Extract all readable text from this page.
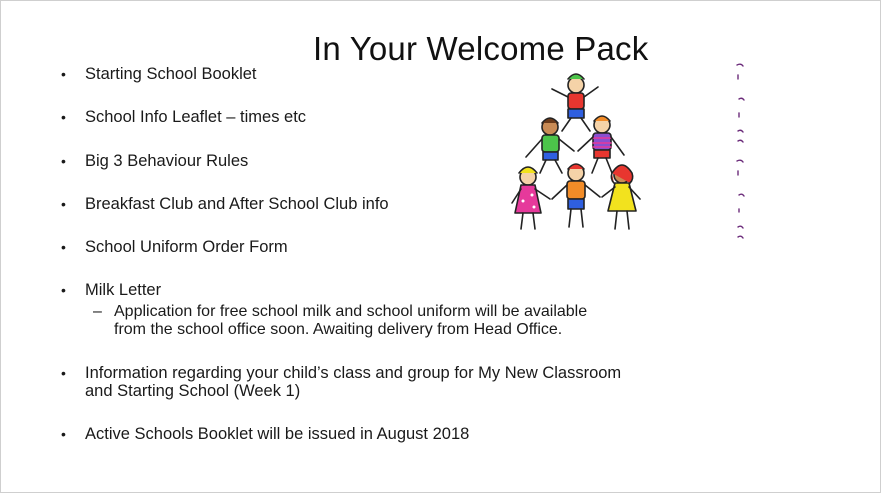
In Your Welcome Pack
•	Starting School Booklet
•	School Info Leaflet – times etc
•	Big 3 Behaviour Rules
•	Breakfast Club and After School Club info
•	School Uniform Order Form
•	Milk Letter
– Application for free school milk and school uniform will be available
from the school office soon. Awaiting delivery from Head Office.
•	Information regarding your child’s class and group for My New Classroom
and Starting School (Week 1)
•	Active Schools Booklet will be issued in August 2018
